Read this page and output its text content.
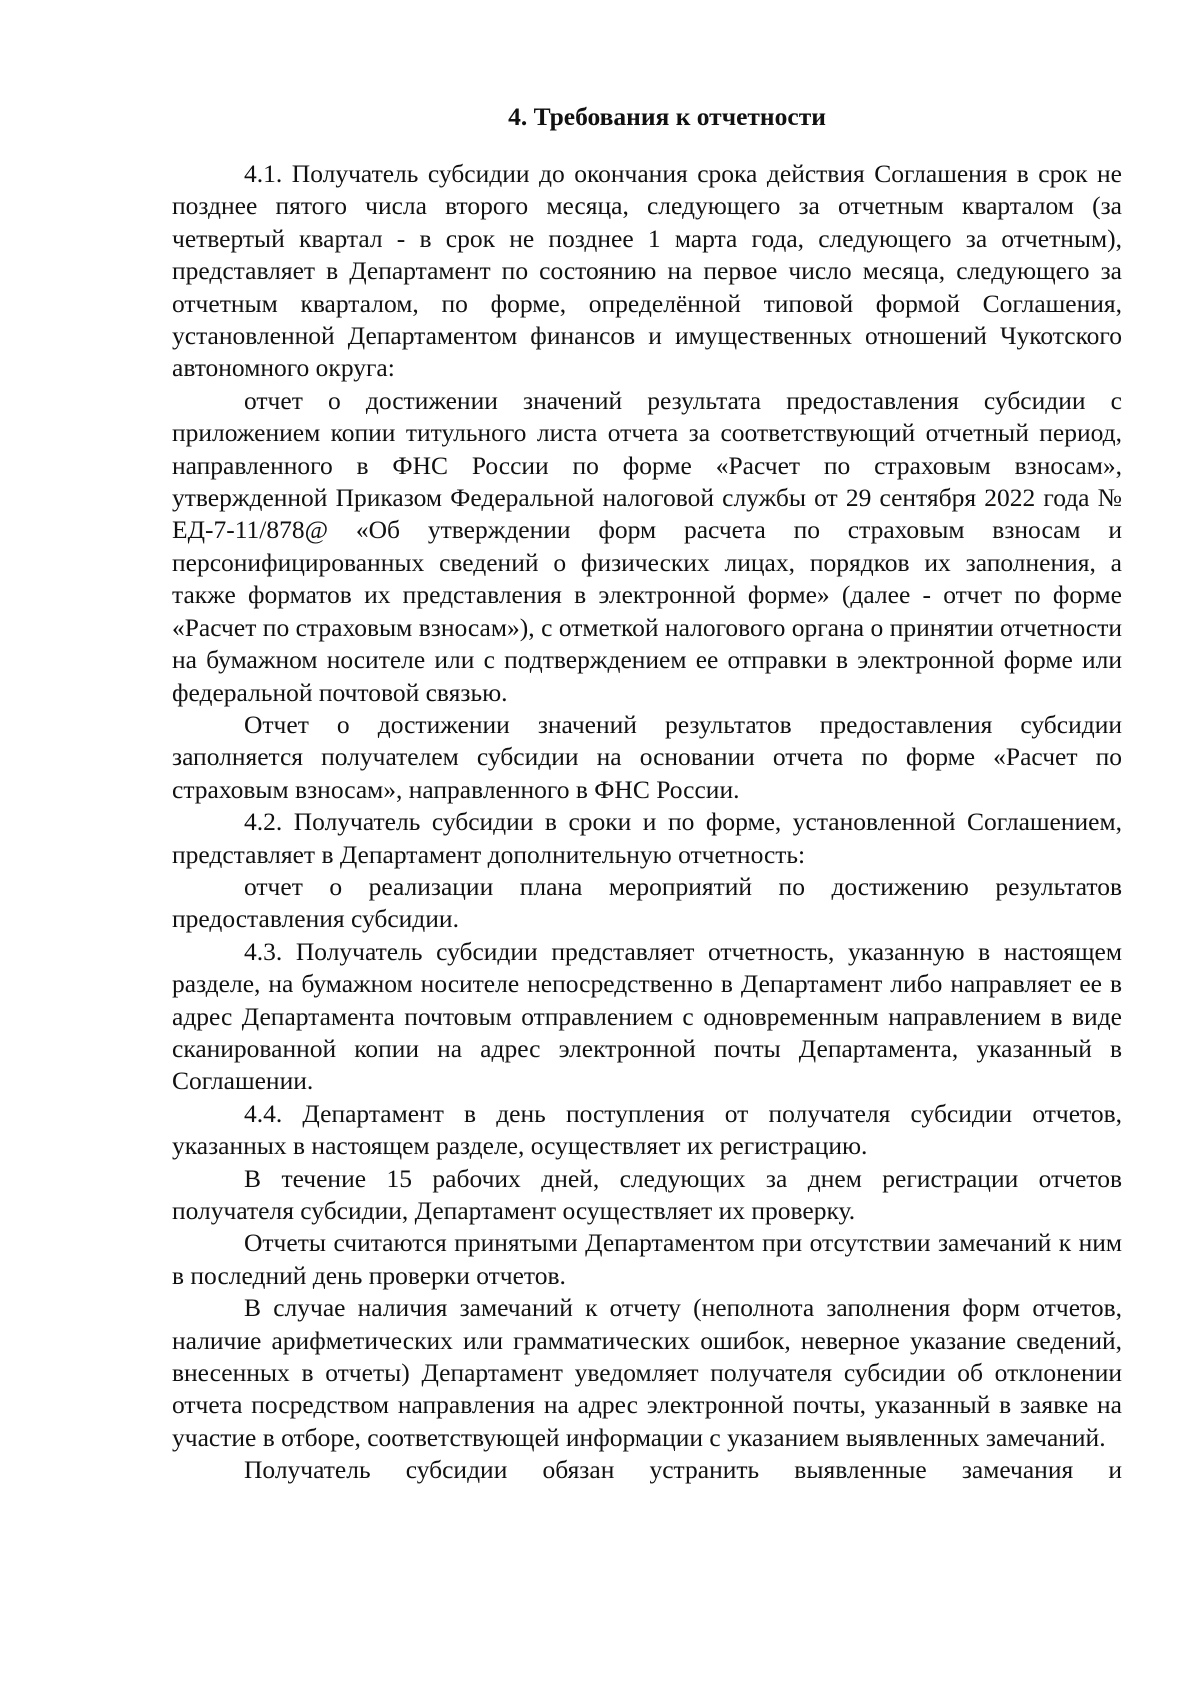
4. Требования к отчетности

4.1. Получатель субсидии до окончания срока действия Соглашения в срок не позднее пятого числа второго месяца, следующего за отчетным кварталом (за четвертый квартал - в срок не позднее 1 марта года, следующего за отчетным), представляет в Департамент по состоянию на первое число месяца, следующего за отчетным кварталом, по форме, определённой типовой формой Соглашения, установленной Департаментом финансов и имущественных отношений Чукотского автономного округа:

отчет о достижении значений результата предоставления субсидии с приложением копии титульного листа отчета за соответствующий отчетный период, направленного в ФНС России по форме «Расчет по страховым взносам», утвержденной Приказом Федеральной налоговой службы от 29 сентября 2022 года № ЕД-7-11/878@ «Об утверждении форм расчета по страховым взносам и персонифицированных сведений о физических лицах, порядков их заполнения, а также форматов их представления в электронной форме» (далее - отчет по форме «Расчет по страховым взносам»), с отметкой налогового органа о принятии отчетности на бумажном носителе или с подтверждением ее отправки в электронной форме или федеральной почтовой связью.

Отчет о достижении значений результатов предоставления субсидии заполняется получателем субсидии на основании отчета по форме «Расчет по страховым взносам», направленного в ФНС России.

4.2. Получатель субсидии в сроки и по форме, установленной Соглашением, представляет в Департамент дополнительную отчетность:

отчет о реализации плана мероприятий по достижению результатов предоставления субсидии.

4.3. Получатель субсидии представляет отчетность, указанную в настоящем разделе, на бумажном носителе непосредственно в Департамент либо направляет ее в адрес Департамента почтовым отправлением с одновременным направлением в виде сканированной копии на адрес электронной почты Департамента, указанный в Соглашении.

4.4. Департамент в день поступления от получателя субсидии отчетов, указанных в настоящем разделе, осуществляет их регистрацию.

В течение 15 рабочих дней, следующих за днем регистрации отчетов получателя субсидии, Департамент осуществляет их проверку.

Отчеты считаются принятыми Департаментом при отсутствии замечаний к ним в последний день проверки отчетов.

В случае наличия замечаний к отчету (неполнота заполнения форм отчетов, наличие арифметических или грамматических ошибок, неверное указание сведений, внесенных в отчеты) Департамент уведомляет получателя субсидии об отклонении отчета посредством направления на адрес электронной почты, указанный в заявке на участие в отборе, соответствующей информации с указанием выявленных замечаний.

Получатель субсидии обязан устранить выявленные замечания и
